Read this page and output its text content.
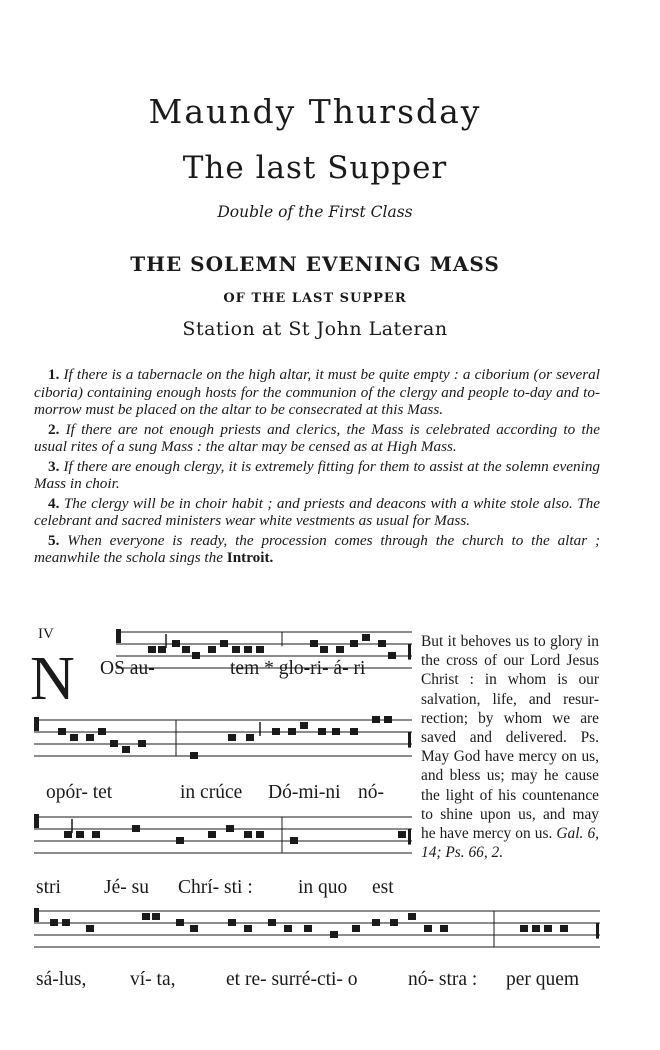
Maundy Thursday
The last Supper
Double of the First Class
THE SOLEMN EVENING MASS
OF THE LAST SUPPER
Station at St John Lateran

1. If there is a tabernacle on the high altar, it must be quite empty : a ciborium (or several ciboria) containing enough hosts for the communion of the clergy and people to-day and to-morrow must be placed on the altar to be consecrated at this Mass.

2. If there are not enough priests and clerics, the Mass is celebrated according to the usual rites of a sung Mass : the altar may be censed as at High Mass.

3. If there are enough clergy, it is extremely fitting for them to assist at the solemn evening Mass in choir.

4. The clergy will be in choir habit ; and priests and deacons with a white stole also. The celebrant and sacred ministers wear white vestments as usual for Mass.

5. When everyone is ready, the procession comes through the church to the altar ; meanwhile the schola sings the Introit.

IV
N OS au-	tem * glo-ri- á- ri
opór- tet	in crúce Dó-mi-ni nó-
stri Jé- su Chrí- sti : in quo est
sá-lus, ví- ta,	et re- surré-cti- o	nó- stra : per quem
But it behoves us to glory in the cross of our Lord Jesus Christ : in whom is our salvation, life, and resurrection; by whom we are saved and delivered. Ps. May God have mercy on us, and bless us; may he cause the light of his countenance to shine upon us, and may he have mercy on us. Gal. 6, 14; Ps. 66, 2.
